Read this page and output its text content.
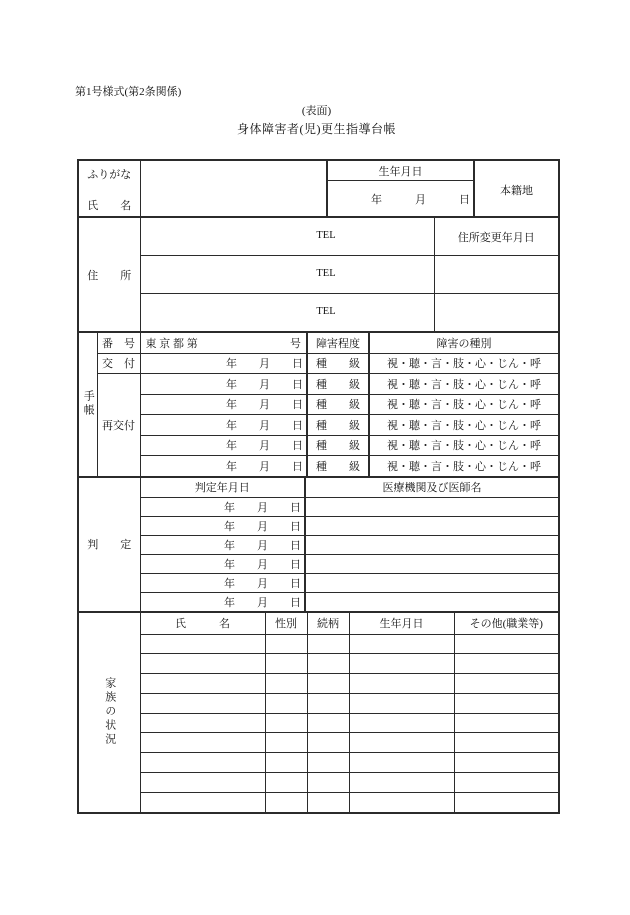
第1号様式(第2条関係)
(表面)
身体障害者(児)更生指導台帳
ふりがな
氏　　名
		生年月日	本籍地
年　　　月　　　日
住　　所	TEL	住所変更年月日
	TEL	
	TEL	
手帳	番　号	東 京 都 第 号	障害程度	障害の種別
	交　付	年　　月　　日	種　　級	視・聴・言・肢・心・じん・呼
	再交付	年　　月　　日	種　　級	視・聴・言・肢・心・じん・呼
		年　　月　　日	種　　級	視・聴・言・肢・心・じん・呼
		年　　月　　日	種　　級	視・聴・言・肢・心・じん・呼
		年　　月　　日	種　　級	視・聴・言・肢・心・じん・呼
		年　　月　　日	種　　級	視・聴・言・肢・心・じん・呼
判　　定	判定年月日	医療機関及び医師名
	年　　月　　日	
	年　　月　　日	
	年　　月　　日	
	年　　月　　日	
	年　　月　　日	
	年　　月　　日	
家族の状況	氏　　　名	性別	続柄	生年月日	その他(職業等)
